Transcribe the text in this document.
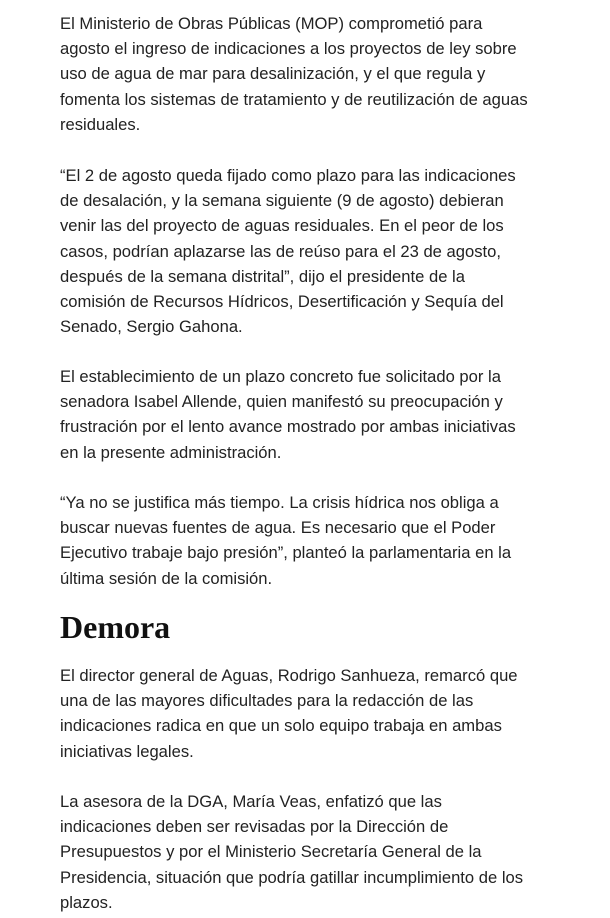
El Ministerio de Obras Públicas (MOP) comprometió para
agosto el ingreso de indicaciones a los proyectos de ley sobre
uso de agua de mar para desalinización, y el que regula y
fomenta los sistemas de tratamiento y de reutilización de aguas
residuales.

“El 2 de agosto queda fijado como plazo para las indicaciones
de desalación, y la semana siguiente (9 de agosto) debieran
venir las del proyecto de aguas residuales. En el peor de los
casos, podrían aplazarse las de reúso para el 23 de agosto,
después de la semana distrital”, dijo el presidente de la
comisión de Recursos Hídricos, Desertificación y Sequía del
Senado, Sergio Gahona.

El establecimiento de un plazo concreto fue solicitado por la
senadora Isabel Allende, quien manifestó su preocupación y
frustración por el lento avance mostrado por ambas iniciativas
en la presente administración.

“Ya no se justifica más tiempo. La crisis hídrica nos obliga a
buscar nuevas fuentes de agua. Es necesario que el Poder
Ejecutivo trabaje bajo presión”, planteó la parlamentaria en la
última sesión de la comisión.

Demora

El director general de Aguas, Rodrigo Sanhueza, remarcó que
una de las mayores dificultades para la redacción de las
indicaciones radica en que un solo equipo trabaja en ambas
iniciativas legales.

La asesora de la DGA, María Veas, enfatizó que las
indicaciones deben ser revisadas por la Dirección de
Presupuestos y por el Ministerio Secretaría General de la
Presidencia, situación que podría gatillar incumplimiento de los
plazos.
